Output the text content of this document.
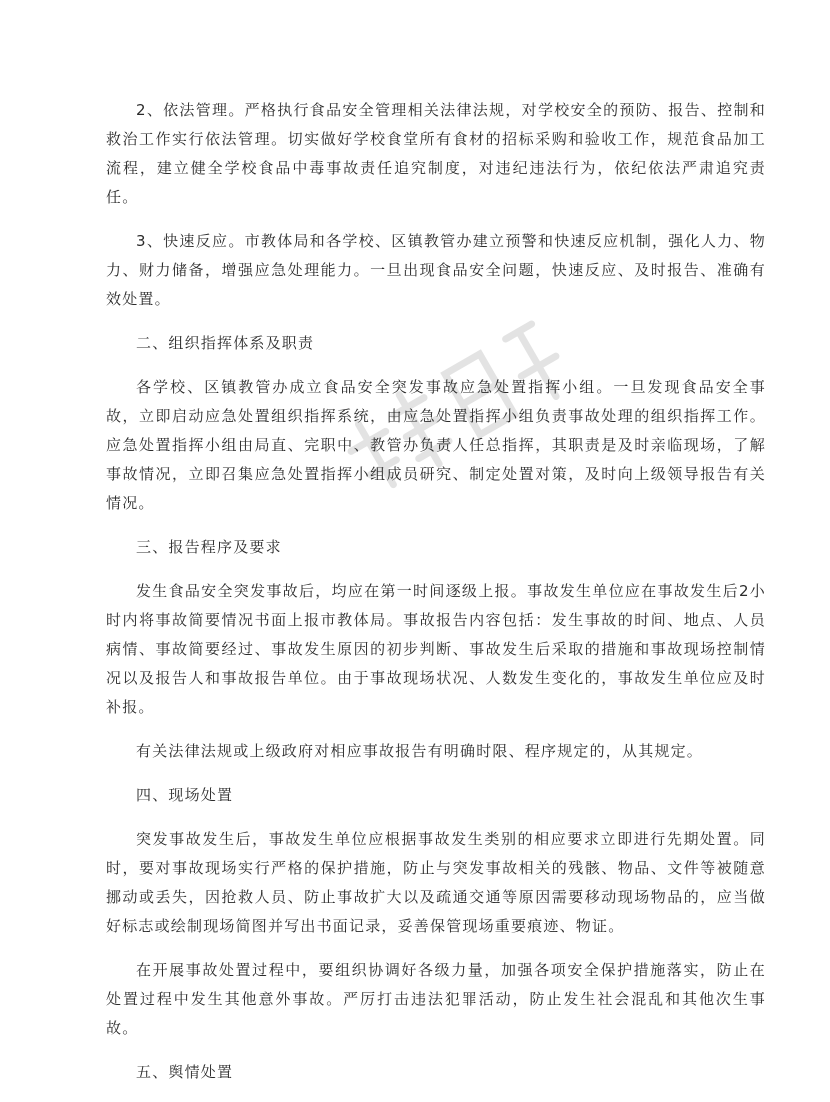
2、依法管理。严格执行食品安全管理相关法律法规，对学校安全的预防、报告、控制和救治工作实行依法管理。切实做好学校食堂所有食材的招标采购和验收工作，规范食品加工流程，建立健全学校食品中毒事故责任追究制度，对违纪违法行为，依纪依法严肃追究责任。

3、快速反应。市教体局和各学校、区镇教管办建立预警和快速反应机制，强化人力、物力、财力储备，增强应急处理能力。一旦出现食品安全问题，快速反应、及时报告、准确有效处置。

二、组织指挥体系及职责

各学校、区镇教管办成立食品安全突发事故应急处置指挥小组。一旦发现食品安全事故，立即启动应急处置组织指挥系统，由应急处置指挥小组负责事故处理的组织指挥工作。应急处置指挥小组由局直、完职中、教管办负责人任总指挥，其职责是及时亲临现场，了解事故情况，立即召集应急处置指挥小组成员研究、制定处置对策，及时向上级领导报告有关情况。

三、报告程序及要求

发生食品安全突发事故后，均应在第一时间逐级上报。事故发生单位应在事故发生后2小时内将事故简要情况书面上报市教体局。事故报告内容包括：发生事故的时间、地点、人员病情、事故简要经过、事故发生原因的初步判断、事故发生后采取的措施和事故现场控制情况以及报告人和事故报告单位。由于事故现场状况、人数发生变化的，事故发生单位应及时补报。

有关法律法规或上级政府对相应事故报告有明确时限、程序规定的，从其规定。

四、现场处置

突发事故发生后，事故发生单位应根据事故发生类别的相应要求立即进行先期处置。同时，要对事故现场实行严格的保护措施，防止与突发事故相关的残骸、物品、文件等被随意挪动或丢失，因抢救人员、防止事故扩大以及疏通交通等原因需要移动现场物品的，应当做好标志或绘制现场简图并写出书面记录，妥善保管现场重要痕迹、物证。

在开展事故处置过程中，要组织协调好各级力量，加强各项安全保护措施落实，防止在处置过程中发生其他意外事故。严厉打击违法犯罪活动，防止发生社会混乱和其他次生事故。

五、舆情处置
